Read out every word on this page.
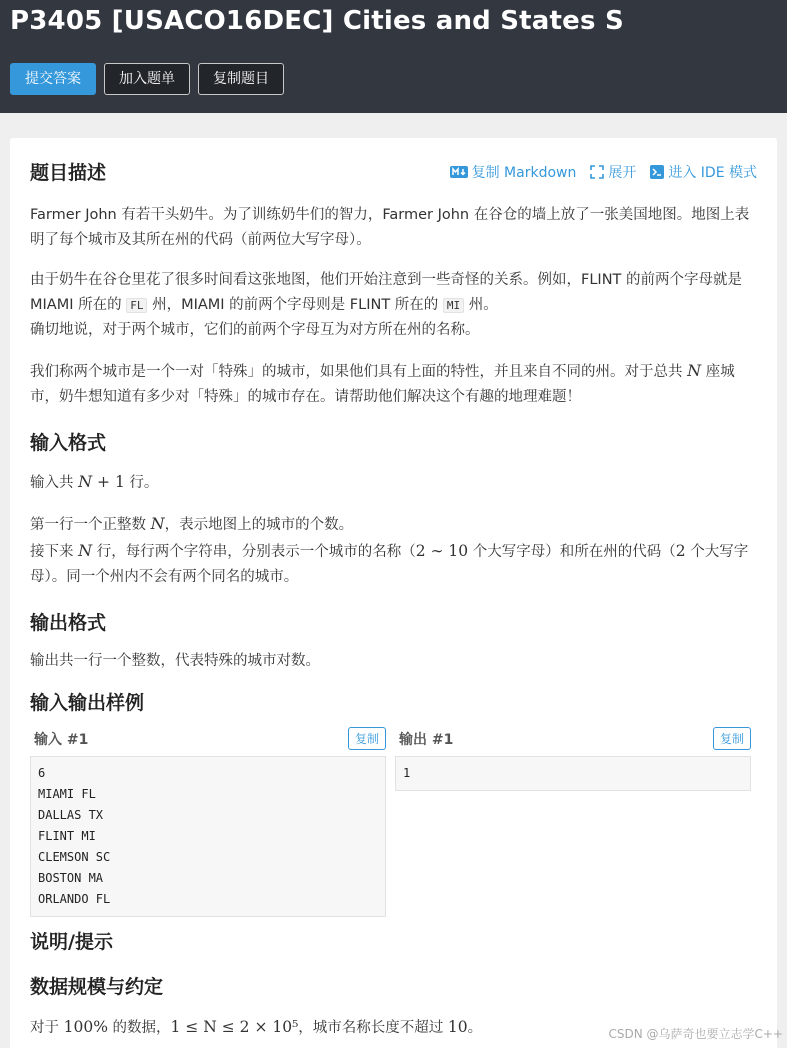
P3405 [USACO16DEC] Cities and States S
提交答案	加入题单	复制题目
题目描述	复制 Markdown 展开 进入 IDE 模式

Farmer John 有若干头奶牛。为了训练奶牛们的智力，Farmer John 在谷仓的墙上放了一张美国地图。地图上表明了每个城市及其所在州的代码（前两位大写字母）。

由于奶牛在谷仓里花了很多时间看这张地图，他们开始注意到一些奇怪的关系。例如，FLINT 的前两个字母就是 MIAMI 所在的 FL 州，MIAMI 的前两个字母则是 FLINT 所在的 MI 州。
确切地说，对于两个城市，它们的前两个字母互为对方所在州的名称。

我们称两个城市是一个一对「特殊」的城市，如果他们具有上面的特性，并且来自不同的州。对于总共 N 座城市，奶牛想知道有多少对「特殊」的城市存在。请帮助他们解决这个有趣的地理难题！

输入格式

输入共 N + 1 行。

第一行一个正整数 N，表示地图上的城市的个数。
接下来 N 行，每行两个字符串，分别表示一个城市的名称（2 ∼ 10 个大写字母）和所在州的代码（2 个大写字母）。同一个州内不会有两个同名的城市。

输出格式

输出共一行一个整数，代表特殊的城市对数。

输入输出样例
输入 #1	复制
6
MIAMI FL
DALLAS TX
FLINT MI
CLEMSON SC
BOSTON MA
ORLANDO FL
输出 #1	复制
1
说明/提示
数据规模与约定

对于 100% 的数据，1 ≤ N ≤ 2 × 10⁵，城市名称长度不超过 10。	CSDN @乌萨奇也要立志学C++
